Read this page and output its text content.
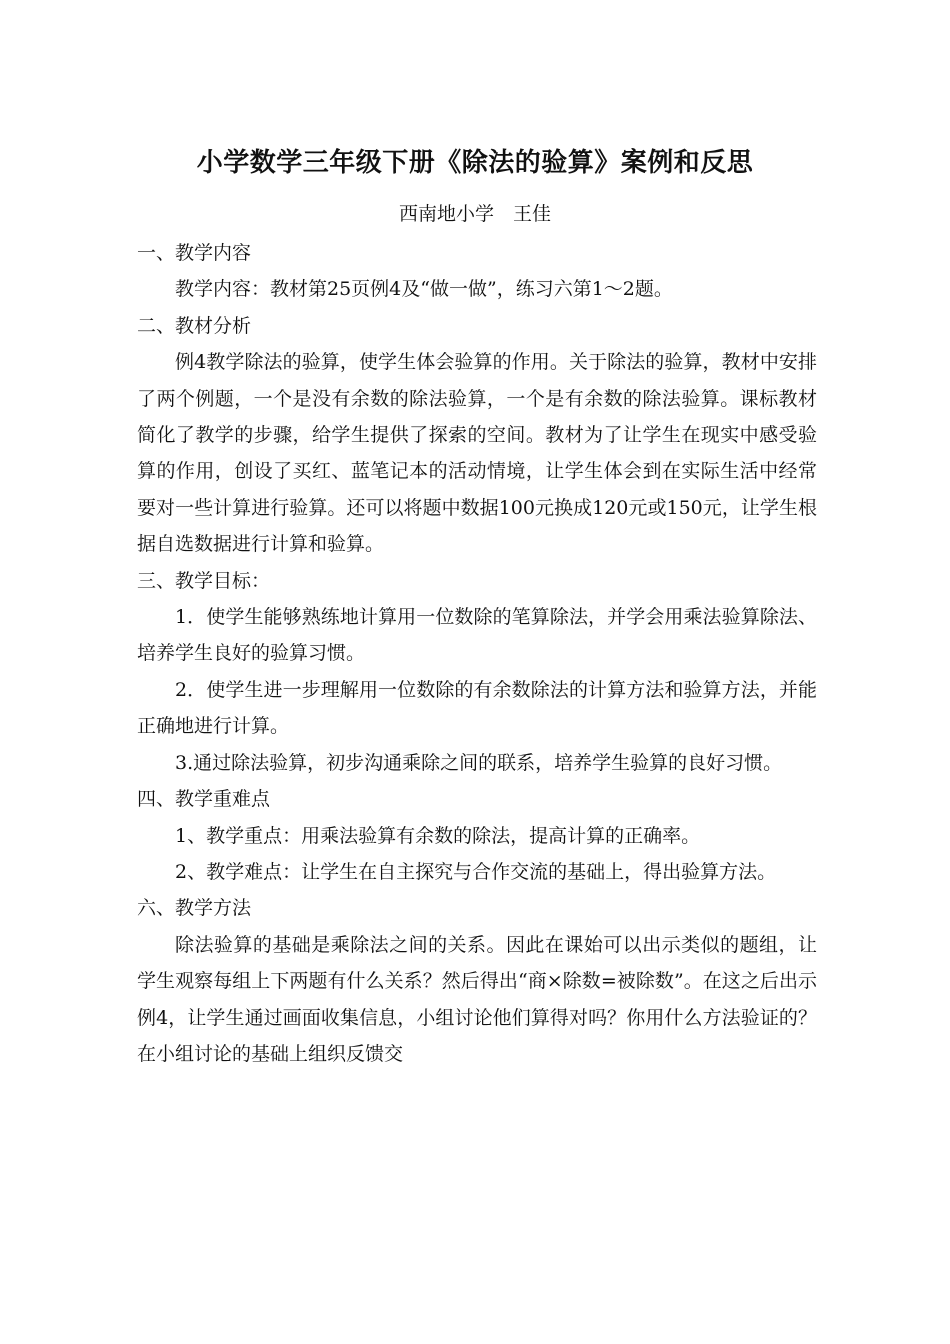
小学数学三年级下册《除法的验算》案例和反思
西南地小学　王佳

一、教学内容

教学内容：教材第25页例4及“做一做”，练习六第1～2题。

二、教材分析

例4教学除法的验算，使学生体会验算的作用。关于除法的验算，教材中安排了两个例题，一个是没有余数的除法验算，一个是有余数的除法验算。课标教材简化了教学的步骤，给学生提供了探索的空间。教材为了让学生在现实中感受验算的作用，创设了买红、蓝笔记本的活动情境，让学生体会到在实际生活中经常要对一些计算进行验算。还可以将题中数据100元换成120元或150元，让学生根据自选数据进行计算和验算。

三、教学目标：

1．使学生能够熟练地计算用一位数除的笔算除法，并学会用乘法验算除法、培养学生良好的验算习惯。

2．使学生进一步理解用一位数除的有余数除法的计算方法和验算方法，并能正确地进行计算。

3.通过除法验算，初步沟通乘除之间的联系，培养学生验算的良好习惯。

四、教学重难点

1、教学重点：用乘法验算有余数的除法，提高计算的正确率。

2、教学难点：让学生在自主探究与合作交流的基础上，得出验算方法。

六、教学方法

除法验算的基础是乘除法之间的关系。因此在课始可以出示类似的题组，让学生观察每组上下两题有什么关系？然后得出“商×除数=被除数”。在这之后出示例4，让学生通过画面收集信息，小组讨论他们算得对吗？你用什么方法验证的？在小组讨论的基础上组织反馈交
